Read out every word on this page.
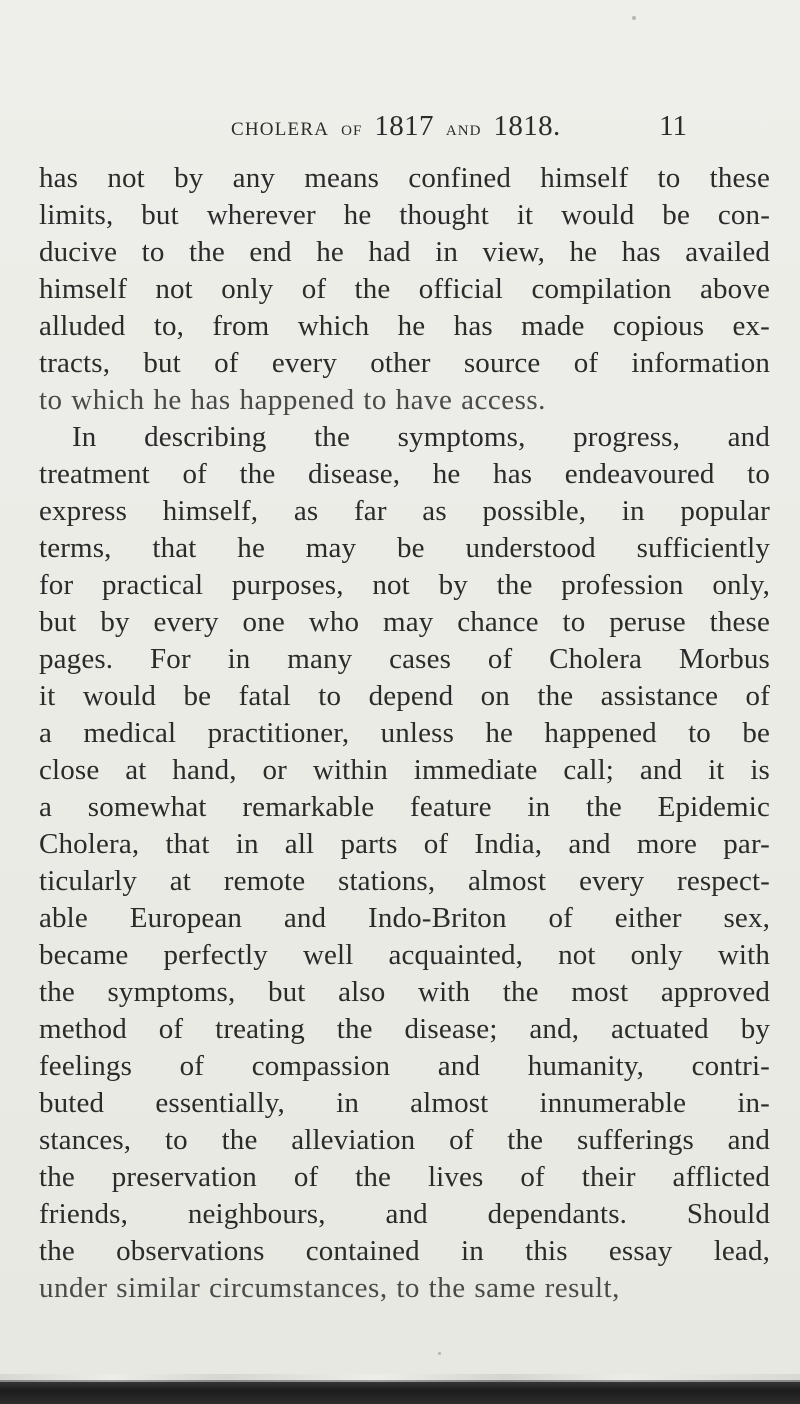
CHOLERA OF 1817 AND 1818.	11
has not by any means confined himself to these
limits, but wherever he thought it would be con-
ducive to the end he had in view, he has availed
himself not only of the official compilation above
alluded to, from which he has made copious ex-
tracts, but of every other source of information
to which he has happened to have access.
In describing the symptoms, progress, and
treatment of the disease, he has endeavoured to
express himself, as far as possible, in popular
terms, that he may be understood sufficiently
for practical purposes, not by the profession only,
but by every one who may chance to peruse these
pages. For in many cases of Cholera Morbus
it would be fatal to depend on the assistance of
a medical practitioner, unless he happened to be
close at hand, or within immediate call; and it is
a somewhat remarkable feature in the Epidemic
Cholera, that in all parts of India, and more par-
ticularly at remote stations, almost every respect-
able European and Indo-Briton of either sex,
became perfectly well acquainted, not only with
the symptoms, but also with the most approved
method of treating the disease; and, actuated by
feelings of compassion and humanity, contri-
buted essentially, in almost innumerable in-
stances, to the alleviation of the sufferings and
the preservation of the lives of their afflicted
friends, neighbours, and dependants. Should
the observations contained in this essay lead,
under similar circumstances, to the same result,
